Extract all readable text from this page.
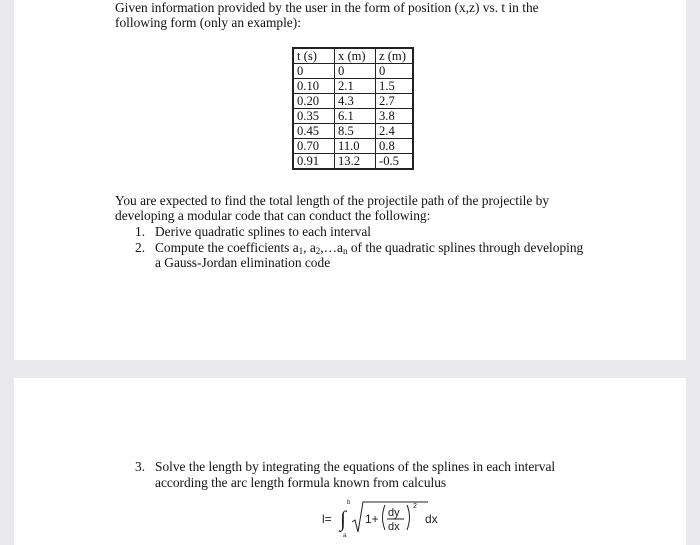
Given information provided by the user in the form of position (x,z) vs. t in the following form (only an example):
t (s)	x (m)	z (m)
0	0	0
0.10	2.1	1.5
0.20	4.3	2.7
0.35	6.1	3.8
0.45	8.5	2.4
0.70	11.0	0.8
0.91	13.2	-0.5
You are expected to find the total length of the projectile path of the projectile by developing a modular code that can conduct the following:
1. Derive quadratic splines to each interval
2. Compute the coefficients $a_1$, $a_2,\dots a_n$ of the quadratic splines through developing a Gauss-Jordan elimination code
3. Solve the length by integrating the equations of the splines in each interval according the arc length formula known from calculus
l= ∫
b
a
1+ dy
dx
2
dx
